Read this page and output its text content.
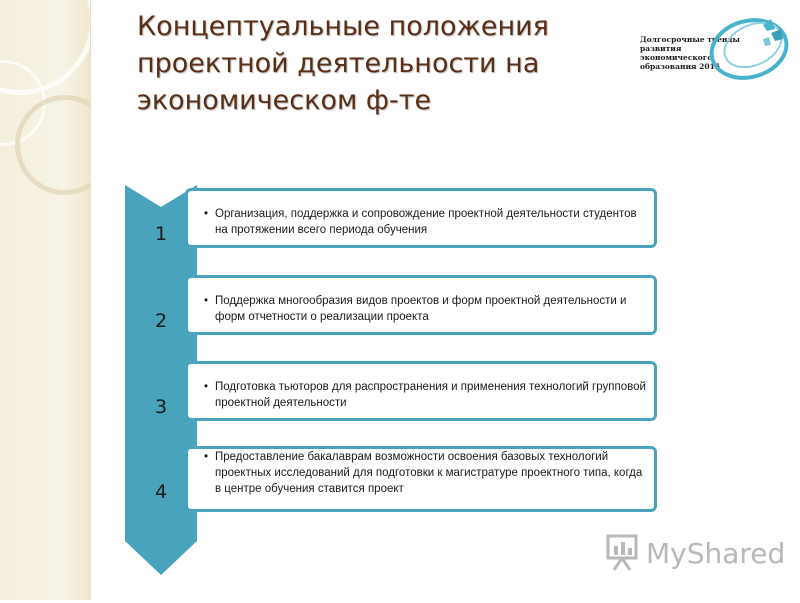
Концептуальные положения проектной деятельности на экономическом ф-те
Долгосрочные тренды развития экономического образования 2015
1
• Организация, поддержка и сопровождение проектной деятельности студентов на протяжении всего периода обучения
2
• Поддержка многообразия видов проектов и форм проектной деятельности и форм отчетности о реализации проекта
3
• Подготовка тьюторов для распространения и применения технологий групповой проектной деятельности
4
• Предоставление бакалаврам возможности освоения базовых технологий проектных исследований для подготовки к магистратуре проектного типа, когда в центре обучения ставится проект
MyShared
